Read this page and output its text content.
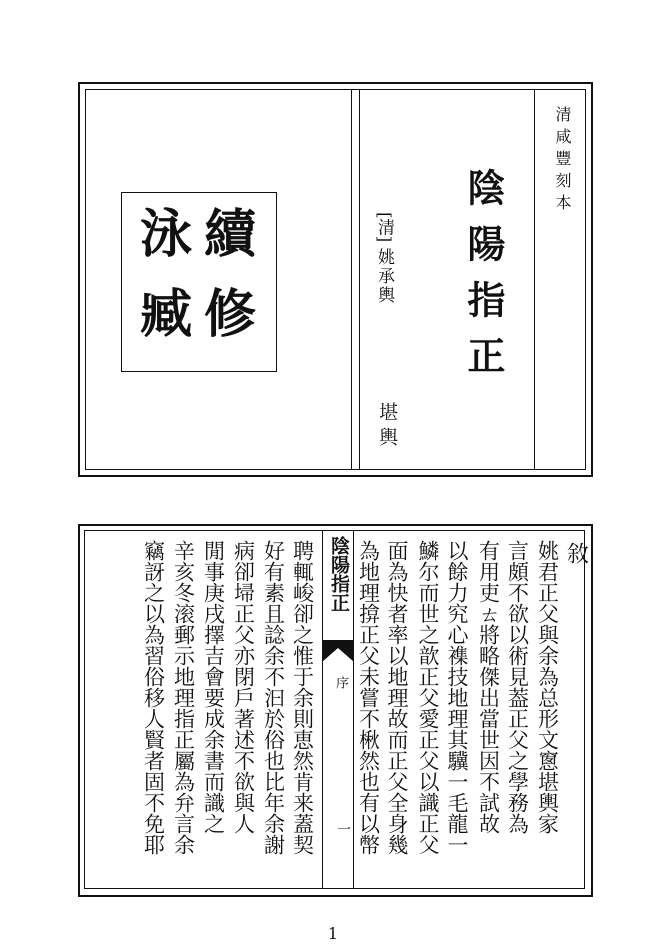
續
修
泳
臧
[清]
姚承輿
堪輿
陰陽指正
清咸豐刻本
陰陽指正
序
一
敘
姚君正父與余為总形文窻堪輿家
言頗不欲以術見葢正父之學務為
有用吏ㄊ將略傑出當世因不試故
以餘力究心襍技地理其驥一毛龍一
鱗尔而世之歆正父愛正父以識正父
面為快者率以地理故而正父全身幾
為地理揜正父未嘗不楸然也有以幣
聘輒峻卻之惟于余則恵然肯来蓋契
好有素且諗余不汩於俗也比年余謝
病卻埽正父亦閉戶著述不欲與人
閒事庚戌擇吉會要成余書而識之
辛亥冬滚郵示地理指正屬為弁言余
竊訝之以為習俗移人賢者固不免耶
1
